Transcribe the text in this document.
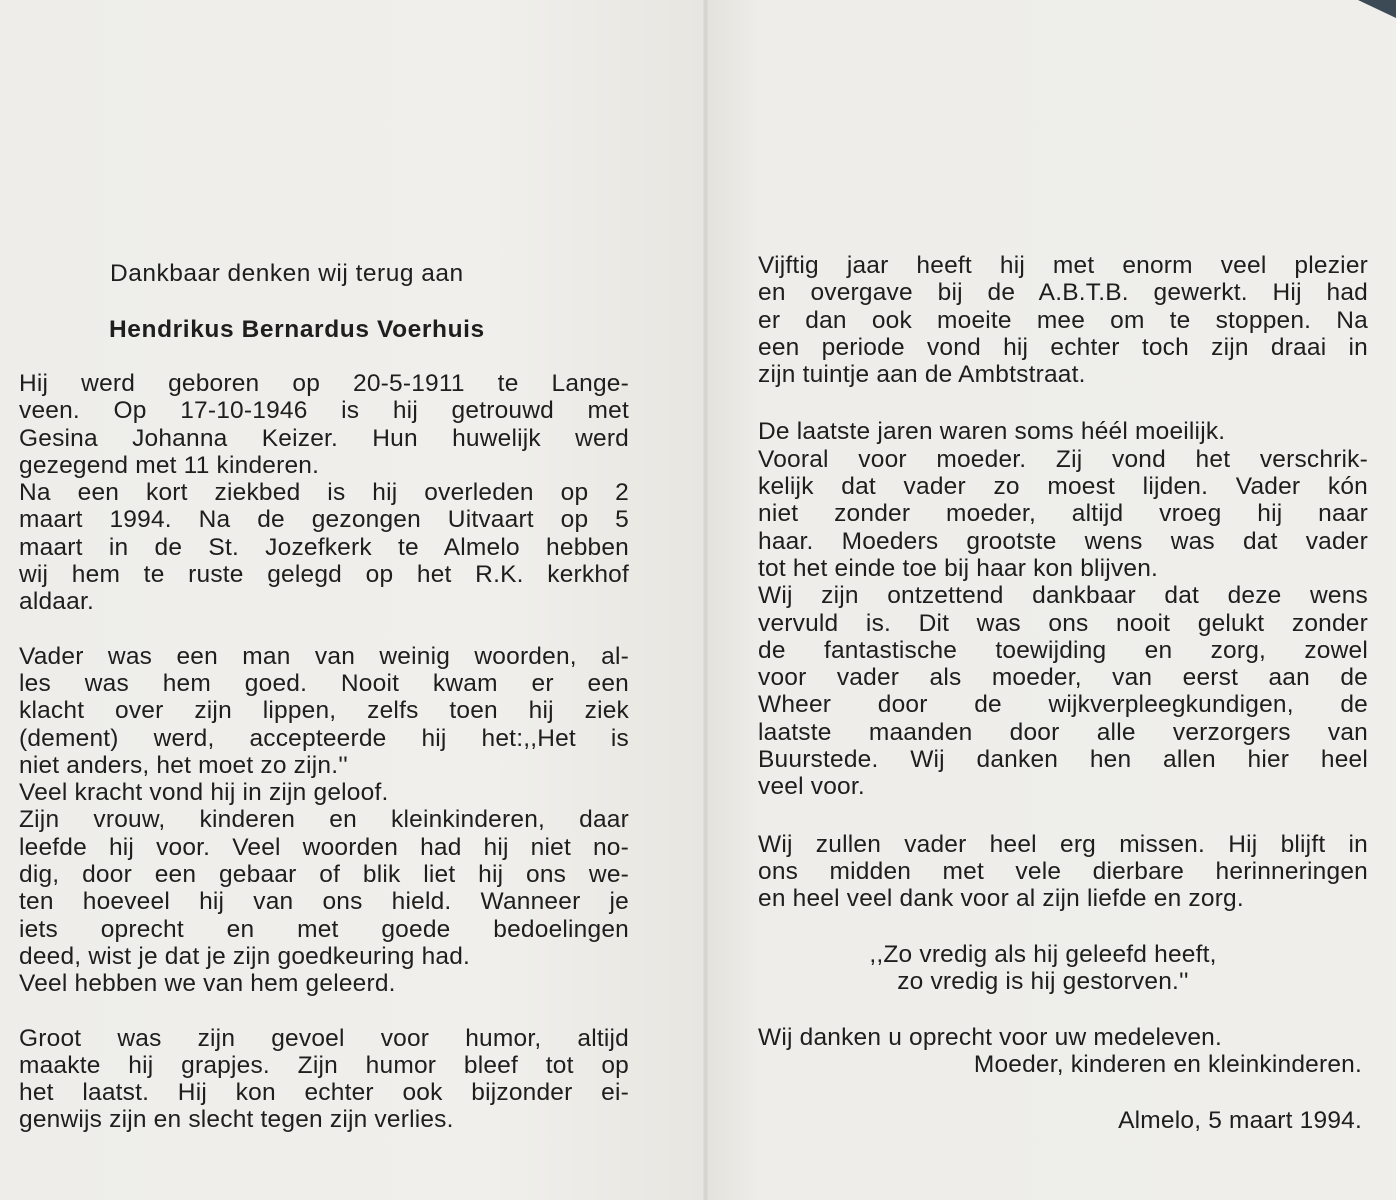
Dankbaar denken wij terug aan
Hendrikus Bernardus Voerhuis

Hij werd geboren op 20-5-1911 te Lange-

veen. Op 17-10-1946 is hij getrouwd met

Gesina Johanna Keizer. Hun huwelijk werd

gezegend met 11 kinderen.

Na een kort ziekbed is hij overleden op 2

maart 1994. Na de gezongen Uitvaart op 5

maart in de St. Jozefkerk te Almelo hebben

wij hem te ruste gelegd op het R.K. kerkhof

aldaar.

Vader was een man van weinig woorden, al-

les was hem goed. Nooit kwam er een

klacht over zijn lippen, zelfs toen hij ziek

(dement) werd, accepteerde hij het:,,Het is

niet anders, het moet zo zijn.''

Veel kracht vond hij in zijn geloof.

Zijn vrouw, kinderen en kleinkinderen, daar

leefde hij voor. Veel woorden had hij niet no-

dig, door een gebaar of blik liet hij ons we-

ten hoeveel hij van ons hield. Wanneer je

iets oprecht en met goede bedoelingen

deed, wist je dat je zijn goedkeuring had.

Veel hebben we van hem geleerd.

Groot was zijn gevoel voor humor, altijd

maakte hij grapjes. Zijn humor bleef tot op

het laatst. Hij kon echter ook bijzonder ei-

genwijs zijn en slecht tegen zijn verlies.

Vijftig jaar heeft hij met enorm veel plezier

en overgave bij de A.B.T.B. gewerkt. Hij had

er dan ook moeite mee om te stoppen. Na

een periode vond hij echter toch zijn draai in

zijn tuintje aan de Ambtstraat.

De laatste jaren waren soms héél moeilijk.

Vooral voor moeder. Zij vond het verschrik-

kelijk dat vader zo moest lijden. Vader kón

niet zonder moeder, altijd vroeg hij naar

haar. Moeders grootste wens was dat vader

tot het einde toe bij haar kon blijven.

Wij zijn ontzettend dankbaar dat deze wens

vervuld is. Dit was ons nooit gelukt zonder

de fantastische toewijding en zorg, zowel

voor vader als moeder, van eerst aan de

Wheer door de wijkverpleegkundigen, de

laatste maanden door alle verzorgers van

Buurstede. Wij danken hen allen hier heel

veel voor.

Wij zullen vader heel erg missen. Hij blijft in

ons midden met vele dierbare herinneringen

en heel veel dank voor al zijn liefde en zorg.

,,Zo vredig als hij geleefd heeft,

zo vredig is hij gestorven.''

Wij danken u oprecht voor uw medeleven.

Moeder, kinderen en kleinkinderen.

Almelo, 5 maart 1994.
